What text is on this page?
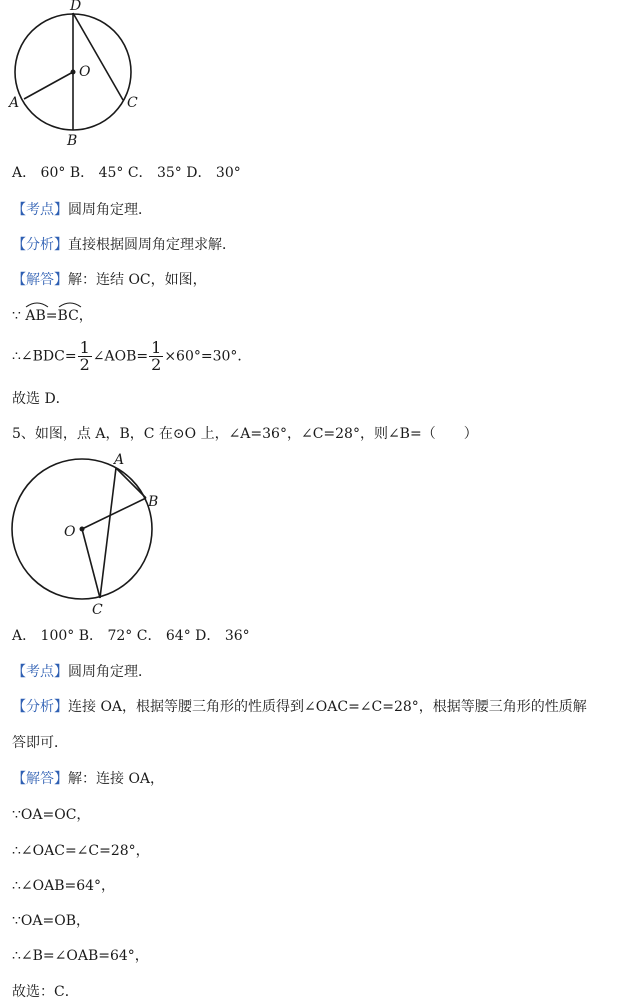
D
O
A	C
B
A． 60° B． 45° C． 35° D． 30°
【考点】圆周角定理．
【分析】直接根据圆周角定理求解．
【解答】解：连结 OC，如图，
∵ AB=
BC，
∴∠BDC= $\frac{1}{2}$ ∠AOB= $\frac{1}{2} \times 60^\circ=30^\circ$．
故选 D．
5、如图，点 A，B，C 在⊙O 上，∠A=36°，∠C=28°，则∠B=（　　）
A
B
O
C
A． 100° B． 72° C． 64° D． 36°
【考点】圆周角定理．
【分析】连接 OA，根据等腰三角形的性质得到∠OAC=∠C=28°，根据等腰三角形的性质解
答即可．
【解答】解：连接 OA，
∵OA=OC，
∴∠OAC=∠C=28°，
∴∠OAB=64°，
∵OA=OB，
∴∠B=∠OAB=64°，
故选：C．
